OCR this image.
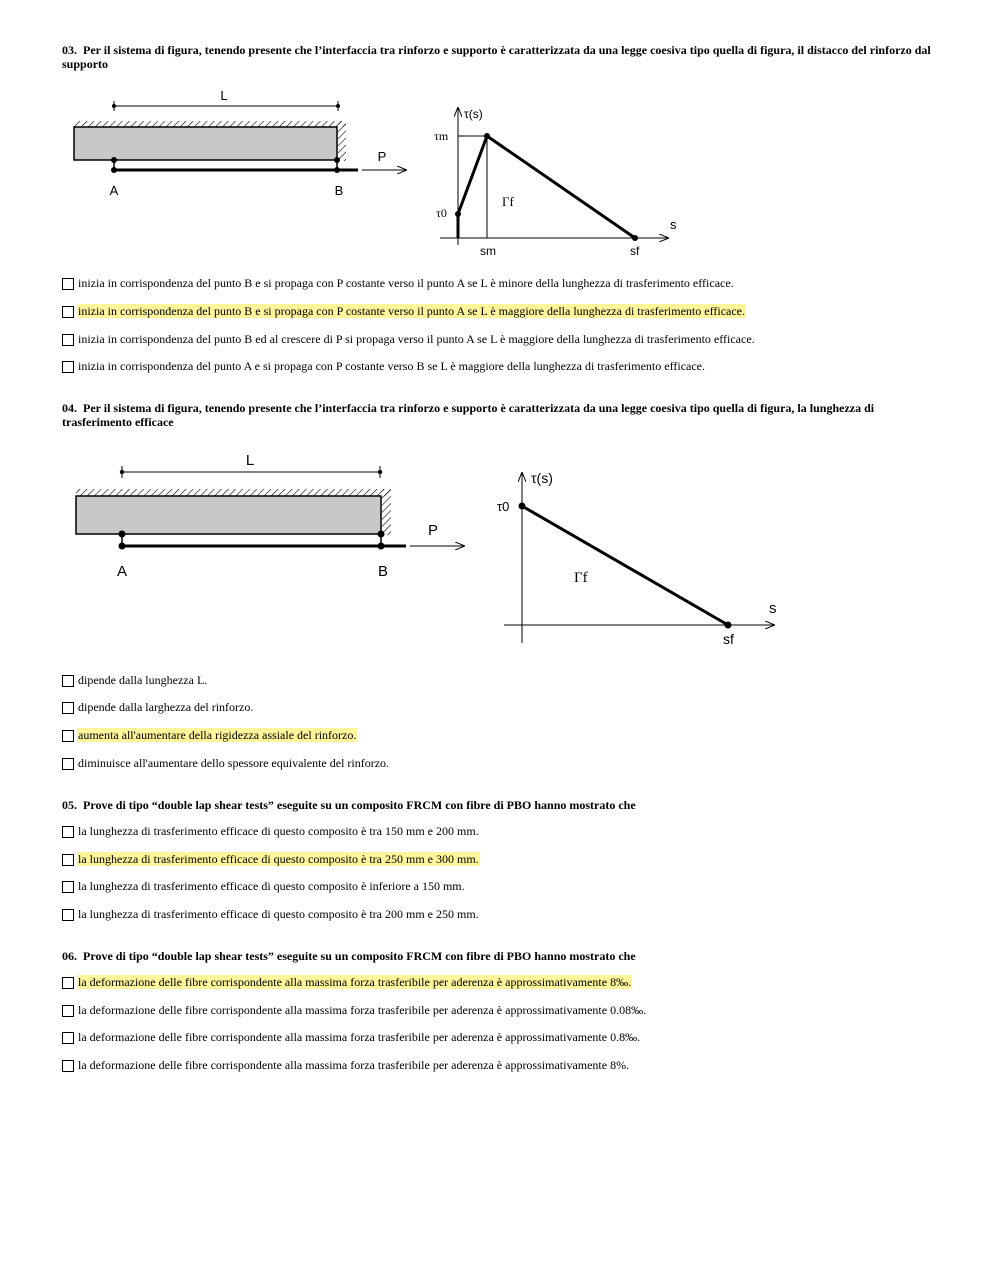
03. Per il sistema di figura, tenendo presente che l’interfaccia tra rinforzo e supporto è caratterizzata da una legge coesiva tipo quella di figura, il distacco del rinforzo dal supporto

L
P
A	B
τ(s)
s
τm
τ0
sm	sf
Γf
inizia in corrispondenza del punto B e si propaga con P costante verso il punto A se L è minore della lunghezza di trasferimento efficace.
inizia in corrispondenza del punto B e si propaga con P costante verso il punto A se L è maggiore della lunghezza di trasferimento efficace.
inizia in corrispondenza del punto B ed al crescere di P si propaga verso il punto A se L è maggiore della lunghezza di trasferimento efficace.
inizia in corrispondenza del punto A e si propaga con P costante verso B se L è maggiore della lunghezza di trasferimento efficace.

04. Per il sistema di figura, tenendo presente che l’interfaccia tra rinforzo e supporto è caratterizzata da una legge coesiva tipo quella di figura, la lunghezza di trasferimento efficace

L
P
A	B
τ(s)
s
τ0
sf
Γf
dipende dalla lunghezza L.
dipende dalla larghezza del rinforzo.
aumenta all'aumentare della rigidezza assiale del rinforzo.
diminuisce all'aumentare dello spessore equivalente del rinforzo.

05. Prove di tipo “double lap shear tests” eseguite su un composito FRCM con fibre di PBO hanno mostrato che

la lunghezza di trasferimento efficace di questo composito è tra 150 mm e 200 mm.
la lunghezza di trasferimento efficace di questo composito è tra 250 mm e 300 mm.
la lunghezza di trasferimento efficace di questo composito è inferiore a 150 mm.
la lunghezza di trasferimento efficace di questo composito è tra 200 mm e 250 mm.

06. Prove di tipo “double lap shear tests” eseguite su un composito FRCM con fibre di PBO hanno mostrato che

la deformazione delle fibre corrispondente alla massima forza trasferibile per aderenza è approssimativamente 8‰.
la deformazione delle fibre corrispondente alla massima forza trasferibile per aderenza è approssimativamente 0.08‰.
la deformazione delle fibre corrispondente alla massima forza trasferibile per aderenza è approssimativamente 0.8‰.
la deformazione delle fibre corrispondente alla massima forza trasferibile per aderenza è approssimativamente 8%.
